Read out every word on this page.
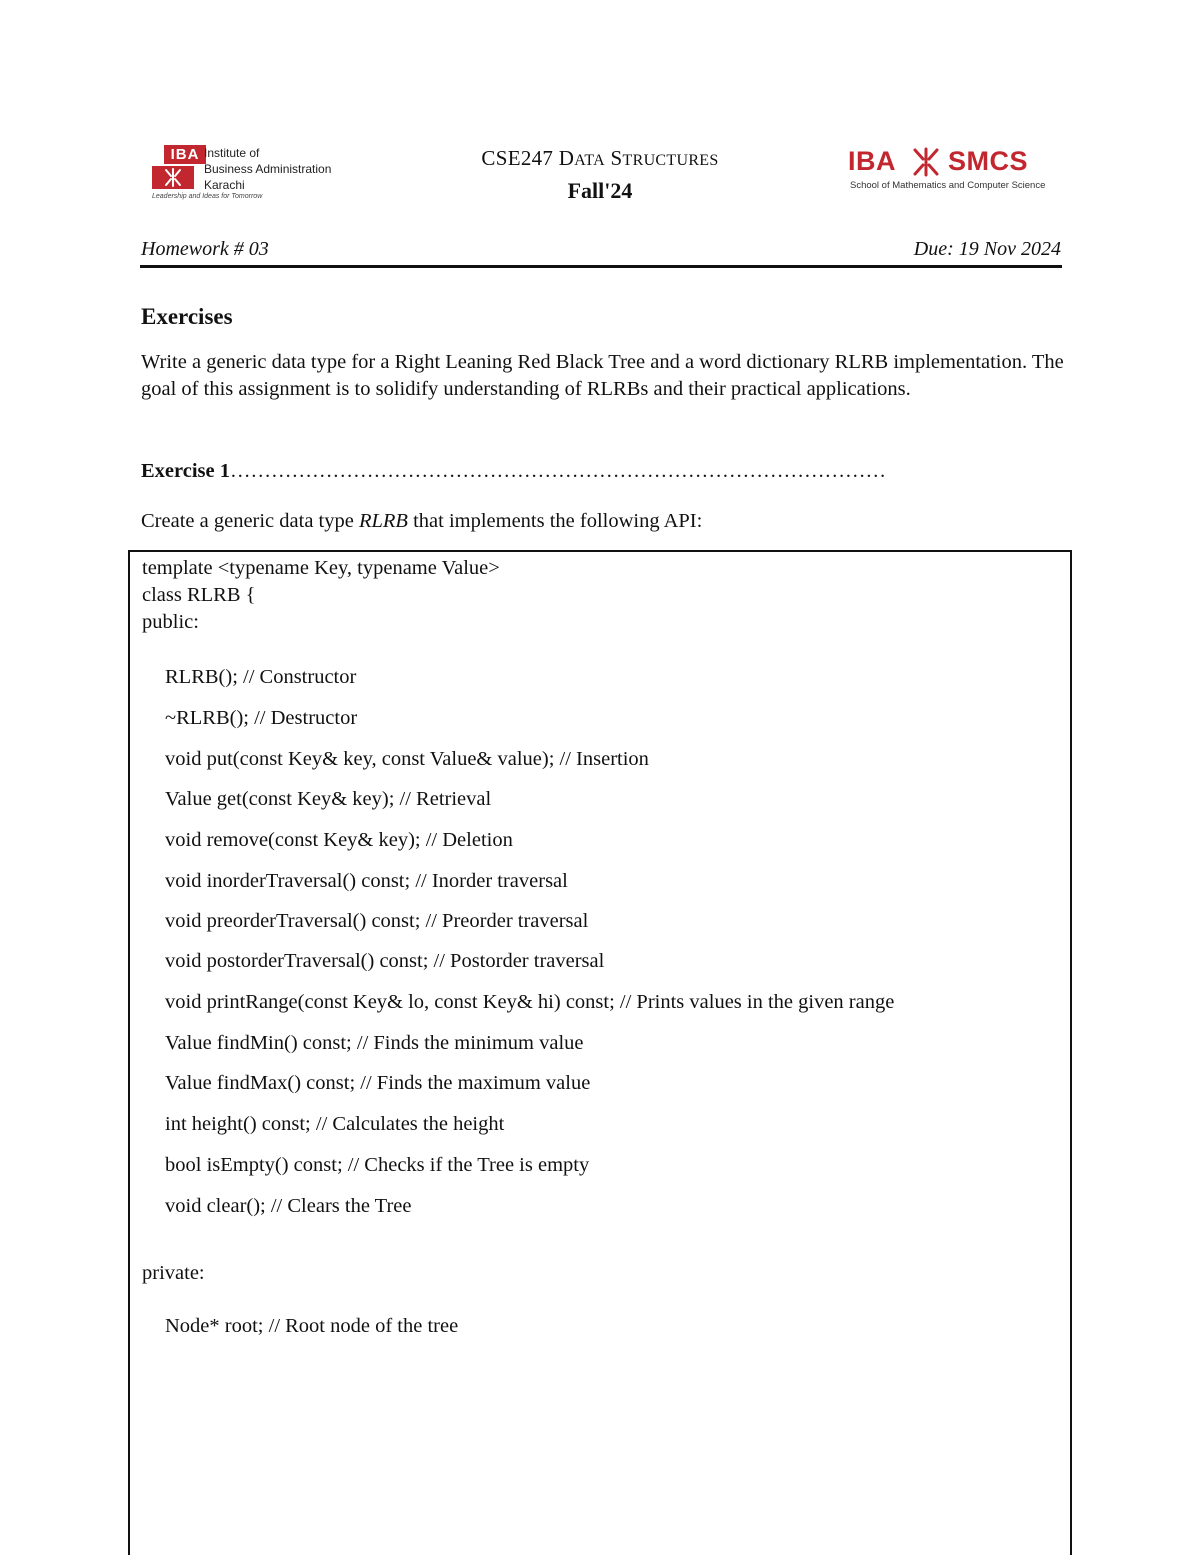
IBA Institute of
Business Administration
Karachi
Leadership and Ideas for Tomorrow
CSE247 DATA STRUCTURES
Fall'24
IBA SMCS
School of Mathematics and Computer Science
Homework # 03	Due: 19 Nov 2024
Exercises
Write a generic data type for a Right Leaning Red Black Tree and a word dictionary RLRB implementation. The goal of this assignment is to solidify understanding of RLRBs and their practical applications.
Exercise 1……………………………………………………………………………………
Create a generic data type RLRB that implements the following API:
template <typename Key, typename Value>
class RLRB {
public:
RLRB(); // Constructor
~RLRB(); // Destructor
void put(const Key& key, const Value& value); // Insertion
Value get(const Key& key); // Retrieval
void remove(const Key& key); // Deletion
void inorderTraversal() const; // Inorder traversal
void preorderTraversal() const; // Preorder traversal
void postorderTraversal() const; // Postorder traversal
void printRange(const Key& lo, const Key& hi) const; // Prints values in the given range
Value findMin() const; // Finds the minimum value
Value findMax() const; // Finds the maximum value
int height() const; // Calculates the height
bool isEmpty() const; // Checks if the Tree is empty
void clear(); // Clears the Tree
private:
Node* root; // Root node of the tree
